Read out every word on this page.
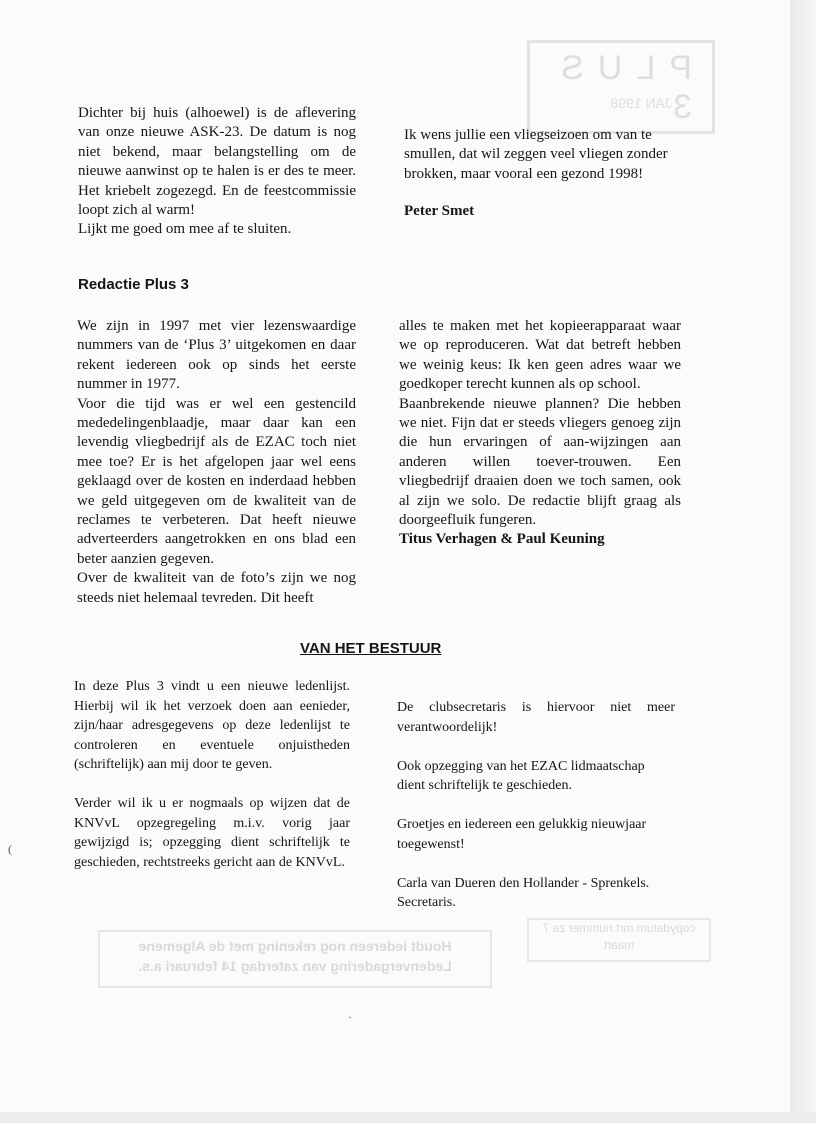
PLUS 3
JAN 1998
Houdt iedereen nog rekening met de Algemene Ledenvergadering van zaterdag 14 februari a.s.
copydatum mrt.nummer za 7 maart

Dichter bij huis (alhoewel) is de aflevering van onze nieuwe ASK-23. De datum is nog niet bekend, maar belangstelling om de nieuwe aanwinst op te halen is er des te meer. Het kriebelt zogezegd. En de feestcommissie loopt zich al warm!

Lijkt me goed om mee af te sluiten.

Ik wens jullie een vliegseizoen om van te smullen, dat wil zeggen veel vliegen zonder brokken, maar vooral een gezond 1998!

Peter Smet
Redactie Plus 3

We zijn in 1997 met vier lezenswaardige nummers van de ‘Plus 3’ uitgekomen en daar rekent iedereen ook op sinds het eerste nummer in 1977.

Voor die tijd was er wel een gestencild mededelingenblaadje, maar daar kan een levendig vliegbedrijf als de EZAC toch niet mee toe? Er is het afgelopen jaar wel eens geklaagd over de kosten en inderdaad hebben we geld uitgegeven om de kwaliteit van de reclames te verbeteren. Dat heeft nieuwe adverteerders aangetrokken en ons blad een beter aanzien gegeven.

Over de kwaliteit van de foto’s zijn we nog steeds niet helemaal tevreden. Dit heeft

alles te maken met het kopieerapparaat waar we op reproduceren. Wat dat betreft hebben we weinig keus: Ik ken geen adres waar we goedkoper terecht kunnen als op school.

Baanbrekende nieuwe plannen? Die hebben we niet. Fijn dat er steeds vliegers genoeg zijn die hun ervaringen of aan-wijzingen aan anderen willen toever-trouwen. Een vliegbedrijf draaien doen we toch samen, ook al zijn we solo. De redactie blijft graag als doorgeefluik fungeren.

Titus Verhagen & Paul Keuning

VAN HET BESTUUR

In deze Plus 3 vindt u een nieuwe ledenlijst. Hierbij wil ik het verzoek doen aan eenieder, zijn/haar adresgegevens op deze ledenlijst te controleren en eventuele onjuistheden (schriftelijk) aan mij door te geven.

Verder wil ik u er nogmaals op wijzen dat de KNVvL opzegregeling m.i.v. vorig jaar gewijzigd is; opzegging dient schriftelijk te geschieden, rechtstreeks gericht aan de KNVvL.

De clubsecretaris is hiervoor niet meer verantwoordelijk!

Ook opzegging van het EZAC lidmaatschap dient schriftelijk te geschieden.

Groetjes en iedereen een gelukkig nieuwjaar toegewenst!

Carla van Dueren den Hollander - Sprenkels.

Secretaris.

(
·
